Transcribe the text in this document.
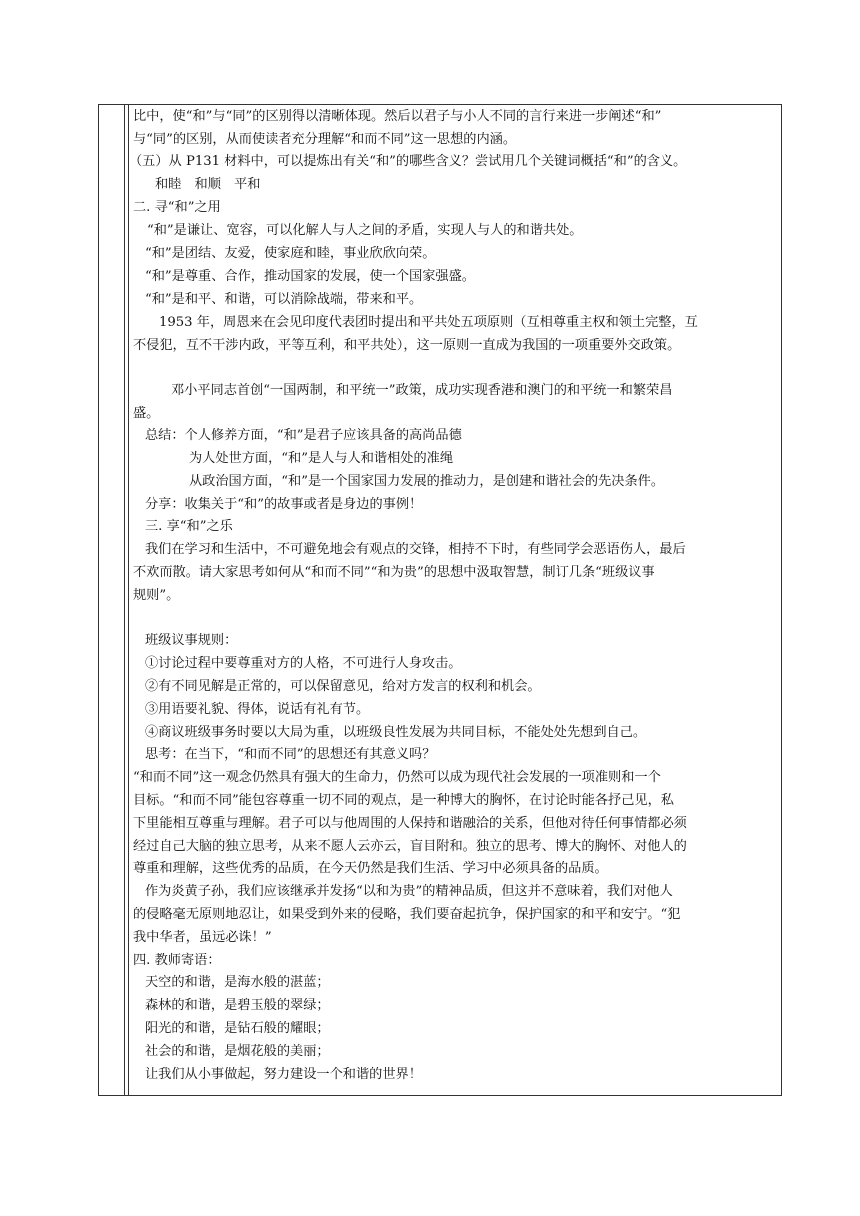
比中，使“和”与“同”的区别得以清晰体现。然后以君子与小人不同的言行来进一步阐述“和”
与“同”的区别，从而使读者充分理解“和而不同”这一思想的内涵。
（五）从 P131 材料中，可以提炼出有关“和”的哪些含义？尝试用几个关键词概括“和”的含义。
和睦　和顺　平和
二. 寻“和”之用
“和”是谦让、宽容，可以化解人与人之间的矛盾，实现人与人的和谐共处。
“和”是团结、友爱，使家庭和睦，事业欣欣向荣。
“和”是尊重、合作，推动国家的发展，使一个国家强盛。
“和”是和平、和谐，可以消除战端，带来和平。
1953 年，周恩来在会见印度代表团时提出和平共处五项原则（互相尊重主权和领土完整，互
不侵犯，互不干涉内政，平等互利，和平共处），这一原则一直成为我国的一项重要外交政策。
邓小平同志首创“一国两制，和平统一”政策，成功实现香港和澳门的和平统一和繁荣昌
盛。
总结：个人修养方面，“和”是君子应该具备的高尚品德
为人处世方面，“和”是人与人和谐相处的准绳
从政治国方面，“和”是一个国家国力发展的推动力，是创建和谐社会的先决条件。
分享：收集关于“和”的故事或者是身边的事例！
三. 享“和”之乐
我们在学习和生活中，不可避免地会有观点的交锋，相持不下时，有些同学会恶语伤人，最后
不欢而散。请大家思考如何从“和而不同”“和为贵”的思想中汲取智慧，制订几条“班级议事
规则”。
班级议事规则：
①讨论过程中要尊重对方的人格，不可进行人身攻击。
②有不同见解是正常的，可以保留意见，给对方发言的权利和机会。
③用语要礼貌、得体，说话有礼有节。
④商议班级事务时要以大局为重，以班级良性发展为共同目标，不能处处先想到自己。
思考：在当下，“和而不同”的思想还有其意义吗？
“和而不同”这一观念仍然具有强大的生命力，仍然可以成为现代社会发展的一项准则和一个
目标。“和而不同”能包容尊重一切不同的观点，是一种博大的胸怀，在讨论时能各抒己见，私
下里能相互尊重与理解。君子可以与他周围的人保持和谐融洽的关系，但他对待任何事情都必须
经过自己大脑的独立思考，从来不愿人云亦云，盲目附和。独立的思考、博大的胸怀、对他人的
尊重和理解，这些优秀的品质，在今天仍然是我们生活、学习中必须具备的品质。
作为炎黄子孙，我们应该继承并发扬“以和为贵”的精神品质，但这并不意味着，我们对他人
的侵略毫无原则地忍让，如果受到外来的侵略，我们要奋起抗争，保护国家的和平和安宁。“犯
我中华者，虽远必诛！”
四. 教师寄语：
天空的和谐，是海水般的湛蓝；
森林的和谐，是碧玉般的翠绿；
阳光的和谐，是钻石般的耀眼；
社会的和谐，是烟花般的美丽；
让我们从小事做起，努力建设一个和谐的世界！
